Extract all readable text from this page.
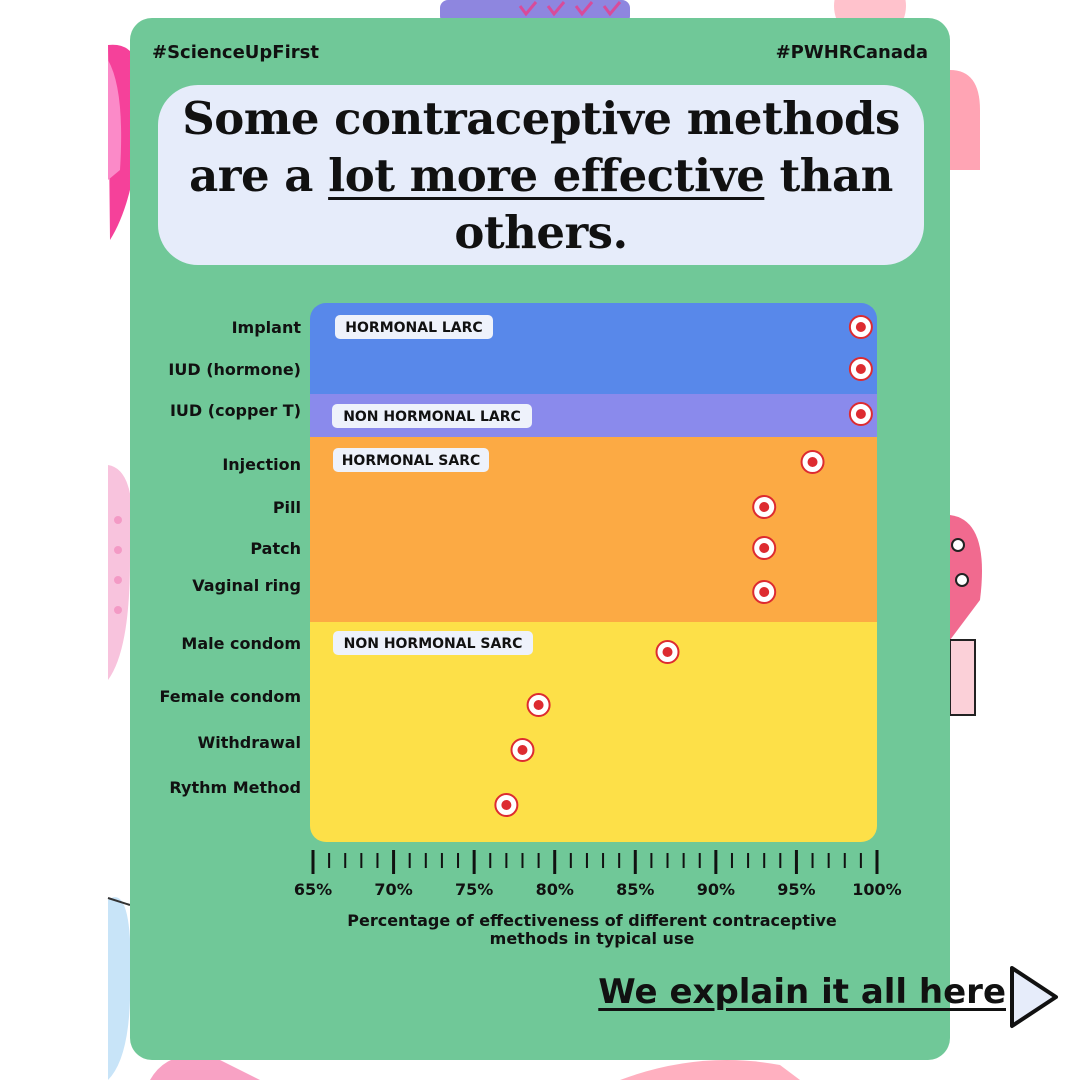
#ScienceUpFirst	#PWHRCanada
Some contraceptive methods are a lot more effective than others.
HORMONAL LARC
NON HORMONAL LARC
HORMONAL SARC
NON HORMONAL SARC
Implant
IUD (hormone)
IUD (copper T)
Injection
Pill
Patch
Vaginal ring
Male condom
Female condom
Withdrawal
Rythm Method
65%	70%	75%	80%	85%	90%	95% 100%
Percentage of effectiveness of different contraceptive methods in typical use
We explain it all here
